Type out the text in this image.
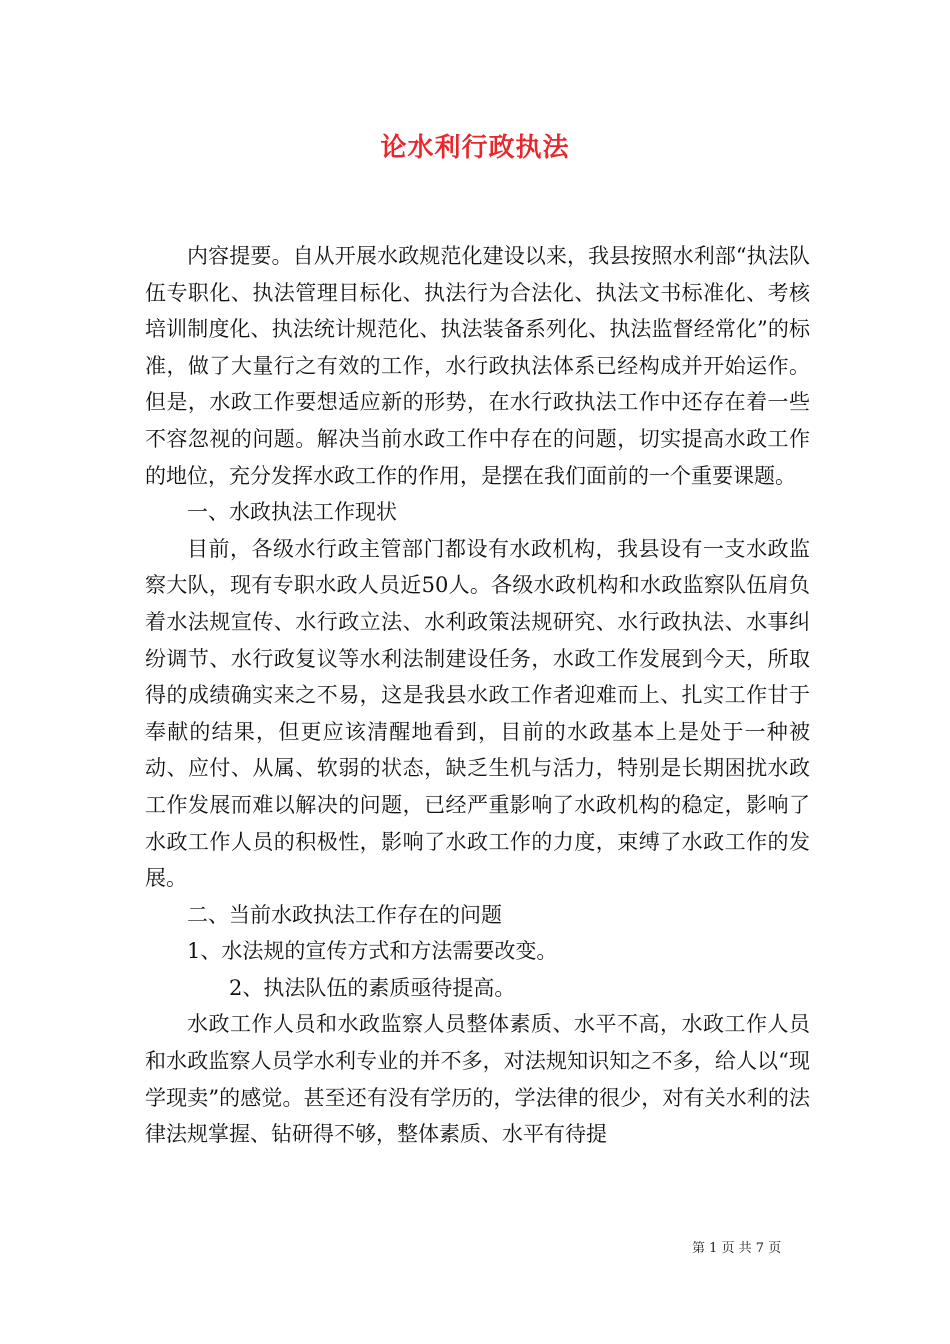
论水利行政执法

内容提要。自从开展水政规范化建设以来，我县按照水利部“执法队伍专职化、执法管理目标化、执法行为合法化、执法文书标准化、考核培训制度化、执法统计规范化、执法装备系列化、执法监督经常化”的标准，做了大量行之有效的工作，水行政执法体系已经构成并开始运作。但是，水政工作要想适应新的形势，在水行政执法工作中还存在着一些不容忽视的问题。解决当前水政工作中存在的问题，切实提高水政工作的地位，充分发挥水政工作的作用，是摆在我们面前的一个重要课题。

一、水政执法工作现状

目前，各级水行政主管部门都设有水政机构，我县设有一支水政监察大队，现有专职水政人员近50人。各级水政机构和水政监察队伍肩负着水法规宣传、水行政立法、水利政策法规研究、水行政执法、水事纠纷调节、水行政复议等水利法制建设任务，水政工作发展到今天，所取得的成绩确实来之不易，这是我县水政工作者迎难而上、扎实工作甘于奉献的结果，但更应该清醒地看到，目前的水政基本上是处于一种被动、应付、从属、软弱的状态，缺乏生机与活力，特别是长期困扰水政工作发展而难以解决的问题，已经严重影响了水政机构的稳定，影响了水政工作人员的积极性，影响了水政工作的力度，束缚了水政工作的发展。

二、当前水政执法工作存在的问题

1、水法规的宣传方式和方法需要改变。

2、执法队伍的素质亟待提高。

水政工作人员和水政监察人员整体素质、水平不高，水政工作人员和水政监察人员学水利专业的并不多，对法规知识知之不多，给人以“现学现卖”的感觉。甚至还有没有学历的，学法律的很少，对有关水利的法律法规掌握、钻研得不够，整体素质、水平有待提

第 1 页 共 7 页
